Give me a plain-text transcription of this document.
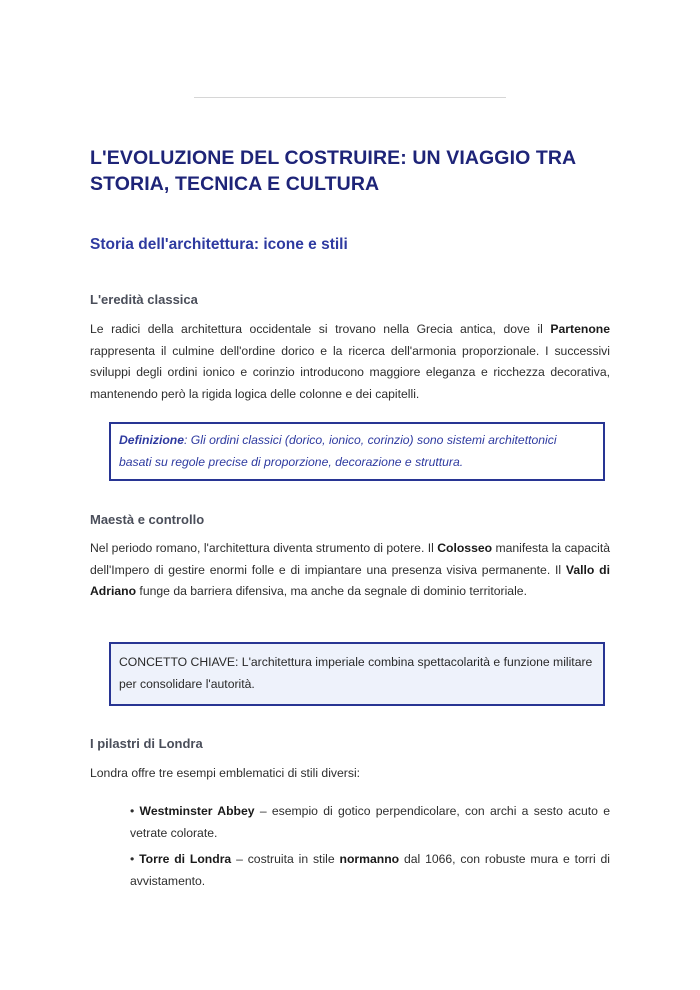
L'EVOLUZIONE DEL COSTRUIRE: UN VIAGGIO TRA STORIA, TECNICA E CULTURA
Storia dell'architettura: icone e stili
L'eredità classica
Le radici della architettura occidentale si trovano nella Grecia antica, dove il Partenone rappresenta il culmine dell'ordine dorico e la ricerca dell'armonia proporzionale. I successivi sviluppi degli ordini ionico e corinzio introducono maggiore eleganza e ricchezza decorativa, mantenendo però la rigida logica delle colonne e dei capitelli.
Definizione: Gli ordini classici (dorico, ionico, corinzio) sono sistemi architettonici basati su regole precise di proporzione, decorazione e struttura.
Maestà e controllo
Nel periodo romano, l'architettura diventa strumento di potere. Il Colosseo manifesta la capacità dell'Impero di gestire enormi folle e di impiantare una presenza visiva permanente. Il Vallo di Adriano funge da barriera difensiva, ma anche da segnale di dominio territoriale.
CONCETTO CHIAVE: L'architettura imperiale combina spettacolarità e funzione militare per consolidare l'autorità.
I pilastri di Londra
Londra offre tre esempi emblematici di stili diversi:
• Westminster Abbey – esempio di gotico perpendicolare, con archi a sesto acuto e vetrate colorate.
• Torre di Londra – costruita in stile normanno dal 1066, con robuste mura e torri di avvistamento.
